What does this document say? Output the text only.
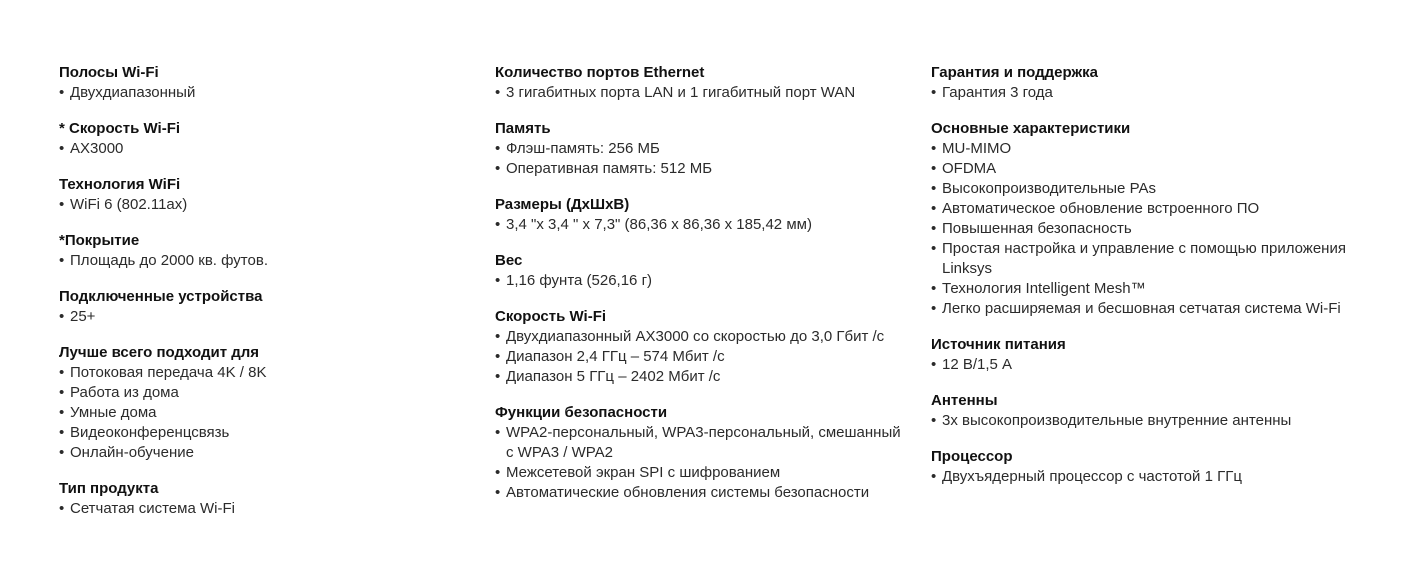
Полосы Wi-Fi
• Двухдиапазонный
* Скорость Wi-Fi
• AX3000
Технология WiFi
• WiFi 6 (802.11ax)
*Покрытие
• Площадь до 2000 кв. футов.
Подключенные устройства
• 25+
Лучше всего подходит для
• Потоковая передача 4K / 8K
• Работа из дома
• Умные дома
• Видеоконференцсвязь
• Онлайн-обучение
Тип продукта
• Сетчатая система Wi-Fi
Количество портов Ethernet
• 3 гигабитных порта LAN и 1 гигабитный порт WAN
Память
• Флэш-память: 256 МБ
• Оперативная память: 512 МБ
Размеры (ДхШхВ)
• 3,4 "x 3,4 " x 7,3" (86,36 x 86,36 x 185,42 мм)
Вес
• 1,16 фунта (526,16 г)
Скорость Wi-Fi
• Двухдиапазонный AX3000 со скоростью до 3,0 Гбит /с
• Диапазон 2,4 ГГц – 574 Мбит /с
• Диапазон 5 ГГц – 2402 Мбит /с
Функции безопасности
• WPA2-персональный, WPA3-персональный, смешанный с WPA3 / WPA2
• Межсетевой экран SPI с шифрованием
• Автоматические обновления системы безопасности
Гарантия и поддержка
• Гарантия 3 года
Основные характеристики
• MU-MIMO
• OFDMA
• Высокопроизводительные PAs
• Автоматическое обновление встроенного ПО
• Повышенная безопасность
• Простая настройка и управление с помощью приложения Linksys
• Технология Intelligent Mesh™
• Легко расширяемая и бесшовная сетчатая система Wi-Fi
Источник питания
• 12 В/1,5 А
Антенны
• 3x высокопроизводительные внутренние антенны
Процессор
• Двухъядерный процессор с частотой 1 ГГц
